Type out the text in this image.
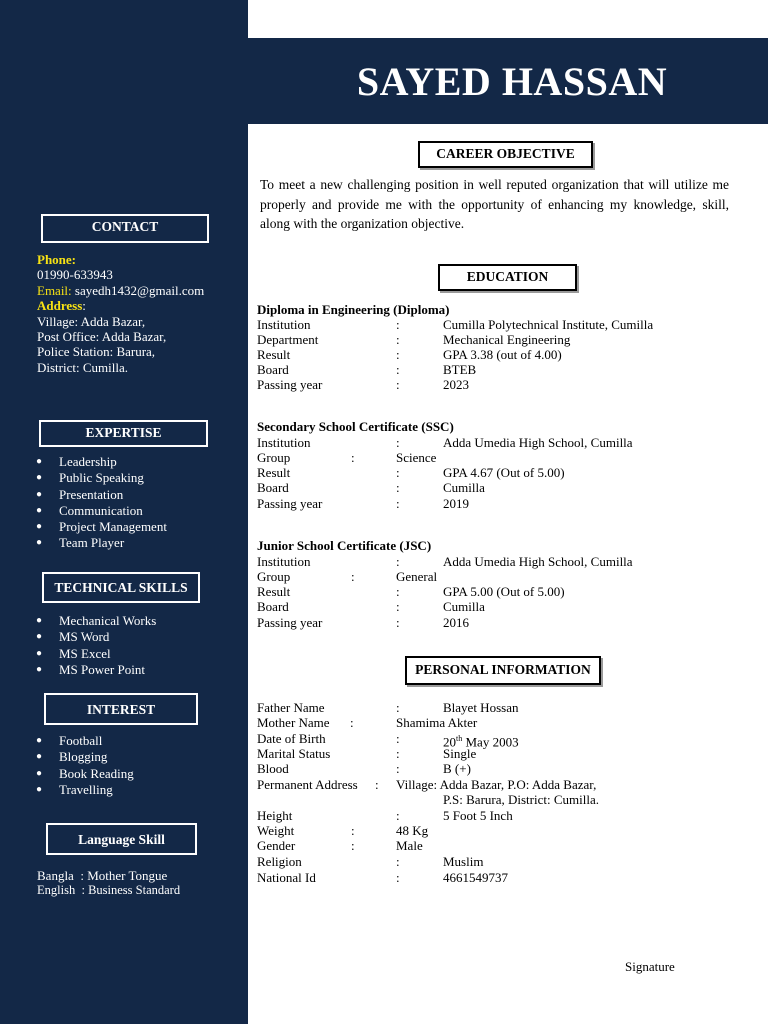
SAYED HASSAN
CONTACT
Phone:
01990-633943
Email: sayedh1432@gmail.com
Address:
Village: Adda Bazar,
Post Office: Adda Bazar,
Police Station: Barura,
District: Cumilla.
EXPERTISE
● Leadership
● Public Speaking
● Presentation
● Communication
● Project Management
● Team Player
TECHNICAL SKILLS
● Mechanical Works
● MS Word
● MS Excel
● MS Power Point
INTEREST
● Football
● Blogging
● Book Reading
● Travelling
Language Skill
Bangla : Mother Tongue
English : Business Standard
CAREER OBJECTIVE
To meet a new challenging position in well reputed organization that will utilize me properly and provide me with the opportunity of enhancing my knowledge, skill, along with the organization objective.
EDUCATION
Diploma in Engineering (Diploma)
Institution	:	Cumilla Polytechnical Institute, Cumilla
Department	:	Mechanical Engineering
Result	:	GPA 3.38 (out of 4.00)
Board	:	BTEB
Passing year	:	2023
Secondary School Certificate (SSC)
Institution	:	Adda Umedia High School, Cumilla
Group	:	Science
Result	:	GPA 4.67 (Out of 5.00)
Board	:	Cumilla
Passing year	:	2019
Junior School Certificate (JSC)
Institution	:	Adda Umedia High School, Cumilla
Group	:	General
Result	:	GPA 5.00 (Out of 5.00)
Board	:	Cumilla
Passing year	:	2016
PERSONAL INFORMATION
Father Name	:	Blayet Hossan
Mother Name :	Shamima Akter
Date of Birth	:	20th May 2003
Marital Status	:	Single
Blood	:	B (+)
Permanent Address : Village: Adda Bazar, P.O: Adda Bazar,
P.S: Barura, District: Cumilla.
Height	:	5 Foot 5 Inch
Weight	:	48 Kg
Gender	:	Male
Religion	:	Muslim
National Id	:	4661549737
Signature
